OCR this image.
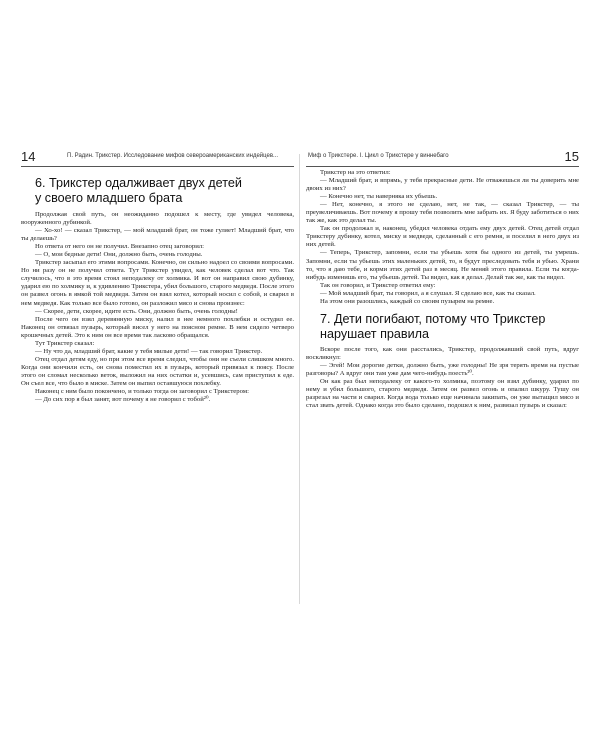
14	П. Радин. Трикстер. Исследование мифов североамериканских индейцев...
6. Трикстер одалживает двух детей
у своего младшего брата

Продолжая свой путь, он неожиданно подошел к месту, где увидел человека, вооруженного дубинкой.

— Хо-хо! — сказал Трикстер, — мой младший брат, он тоже гуляет! Младший брат, что ты делаешь?

Но ответа от него он не получил. Внезапно отец заговорил:

— О, мои бедные дети! Они, должно быть, очень голодны.

Трикстер засыпал его этими вопросами. Конечно, он сильно надоел со своими вопросами. Но ни разу он не получил ответа. Тут Трикстер увидел, как человек сделал вот что. Так случилось, что в это время стоял неподалеку от холмика. И вот он направил свою дубинку, ударил ею по холмику и, к удивлению Трикстера, убил большого, старого медведя. После этого он развел огонь в ямкой той медведя. Затем он взял котел, который носил с собой, и сварил в нем медведя. Как только все было готово, он разложил мясо и снова произнес:

— Скорее, дети, скорее, идите есть. Они, должно быть, очень голодны!

После чего он взял деревянную миску, налил в нее немного похлебки и остудил ее. Наконец он отвязал пузырь, который висел у него на поясном ремне. В нем сидело четверо крошечных детей. Это к ним он все время так ласково обращался.

Тут Трикстер сказал:

— Ну что да, младший брат, какие у тебя милые дети! — так говорил Трикстер.

Отец отдал детям еду, но при этом все время следил, чтобы они не съели слишком много. Когда они кончили есть, он снова поместил их в пузырь, который привязал к поясу. После этого он сломал несколько веток, выложил на них остатки и, усевшись, сам приступил к еде. Он съел все, что было в миске. Затем он выпил оставшуюся похлебку.

Наконец с ним было покончено, и только тогда он заговорил с Трикстером:

— До сих пор я был занят, вот почему я не говорил с тобой²⁰.

Миф о Трикстере. I. Цикл о Трикстере у виннебаго	15

Трикстер на это ответил:

— Младший брат, и впрямь, у тебя прекрасные дети. Не отважешься ли ты доверить мне двоих из них?

— Конечно нет, ты наверняка их убьешь.

— Нет, конечно, я этого не сделаю, нет, не так, — сказал Трикстер, — ты преувеличиваешь. Вот почему я прошу тебя позволить мне забрать их. Я буду заботиться о них так же, как это делал ты.

Так он продолжал и, наконец, убедил человека отдать ему двух детей. Отец детей отдал Трикстеру дубинку, котел, миску и медведя, сделанный с его ремня, и поселил в него двух из них детей.

— Теперь, Трикстер, запомни, если ты убьешь хотя бы одного из детей, ты умрешь. Запомни, если ты убьешь этих маленьких детей, то, я будут преследовать тебя и убью. Храни то, что я даю тебе, и корми этих детей раз в месяц. Не меняй этого правила. Если ты когда-нибудь изменишь его, ты убьешь детей. Ты видел, как я делал. Делай так же, как ты видел.

Так он говорил, и Трикстер ответил ему:

— Мой младший брат, ты говорил, а я слушал. Я сделаю все, как ты сказал.

На этом они разошлись, каждый со своим пузырем на ремне.

7. Дети погибают, потому что Трикстер
нарушает правила

Вскоре после того, как они расстались, Трикстер, продолжавший свой путь, вдруг воскликнул:

— Эгей! Мои дорогие детки, должно быть, уже голодны! Не зря терять время на пустые разговоры? А вдруг они там уже дам чего-нибудь поесть²⁰.

Он как раз был неподалеку от какого-то холмика, поэтому он взял дубинку, ударил по нему и убил большого, старого медведя. Затем он развел огонь и опалил шкуру. Тушу он разрезал на части и сварил. Когда вода только еще начинала закипать, он уже вытащил мясо и стал звать детей. Однако когда это было сделано, подошел к ним, развязал пузырь и сказал:
